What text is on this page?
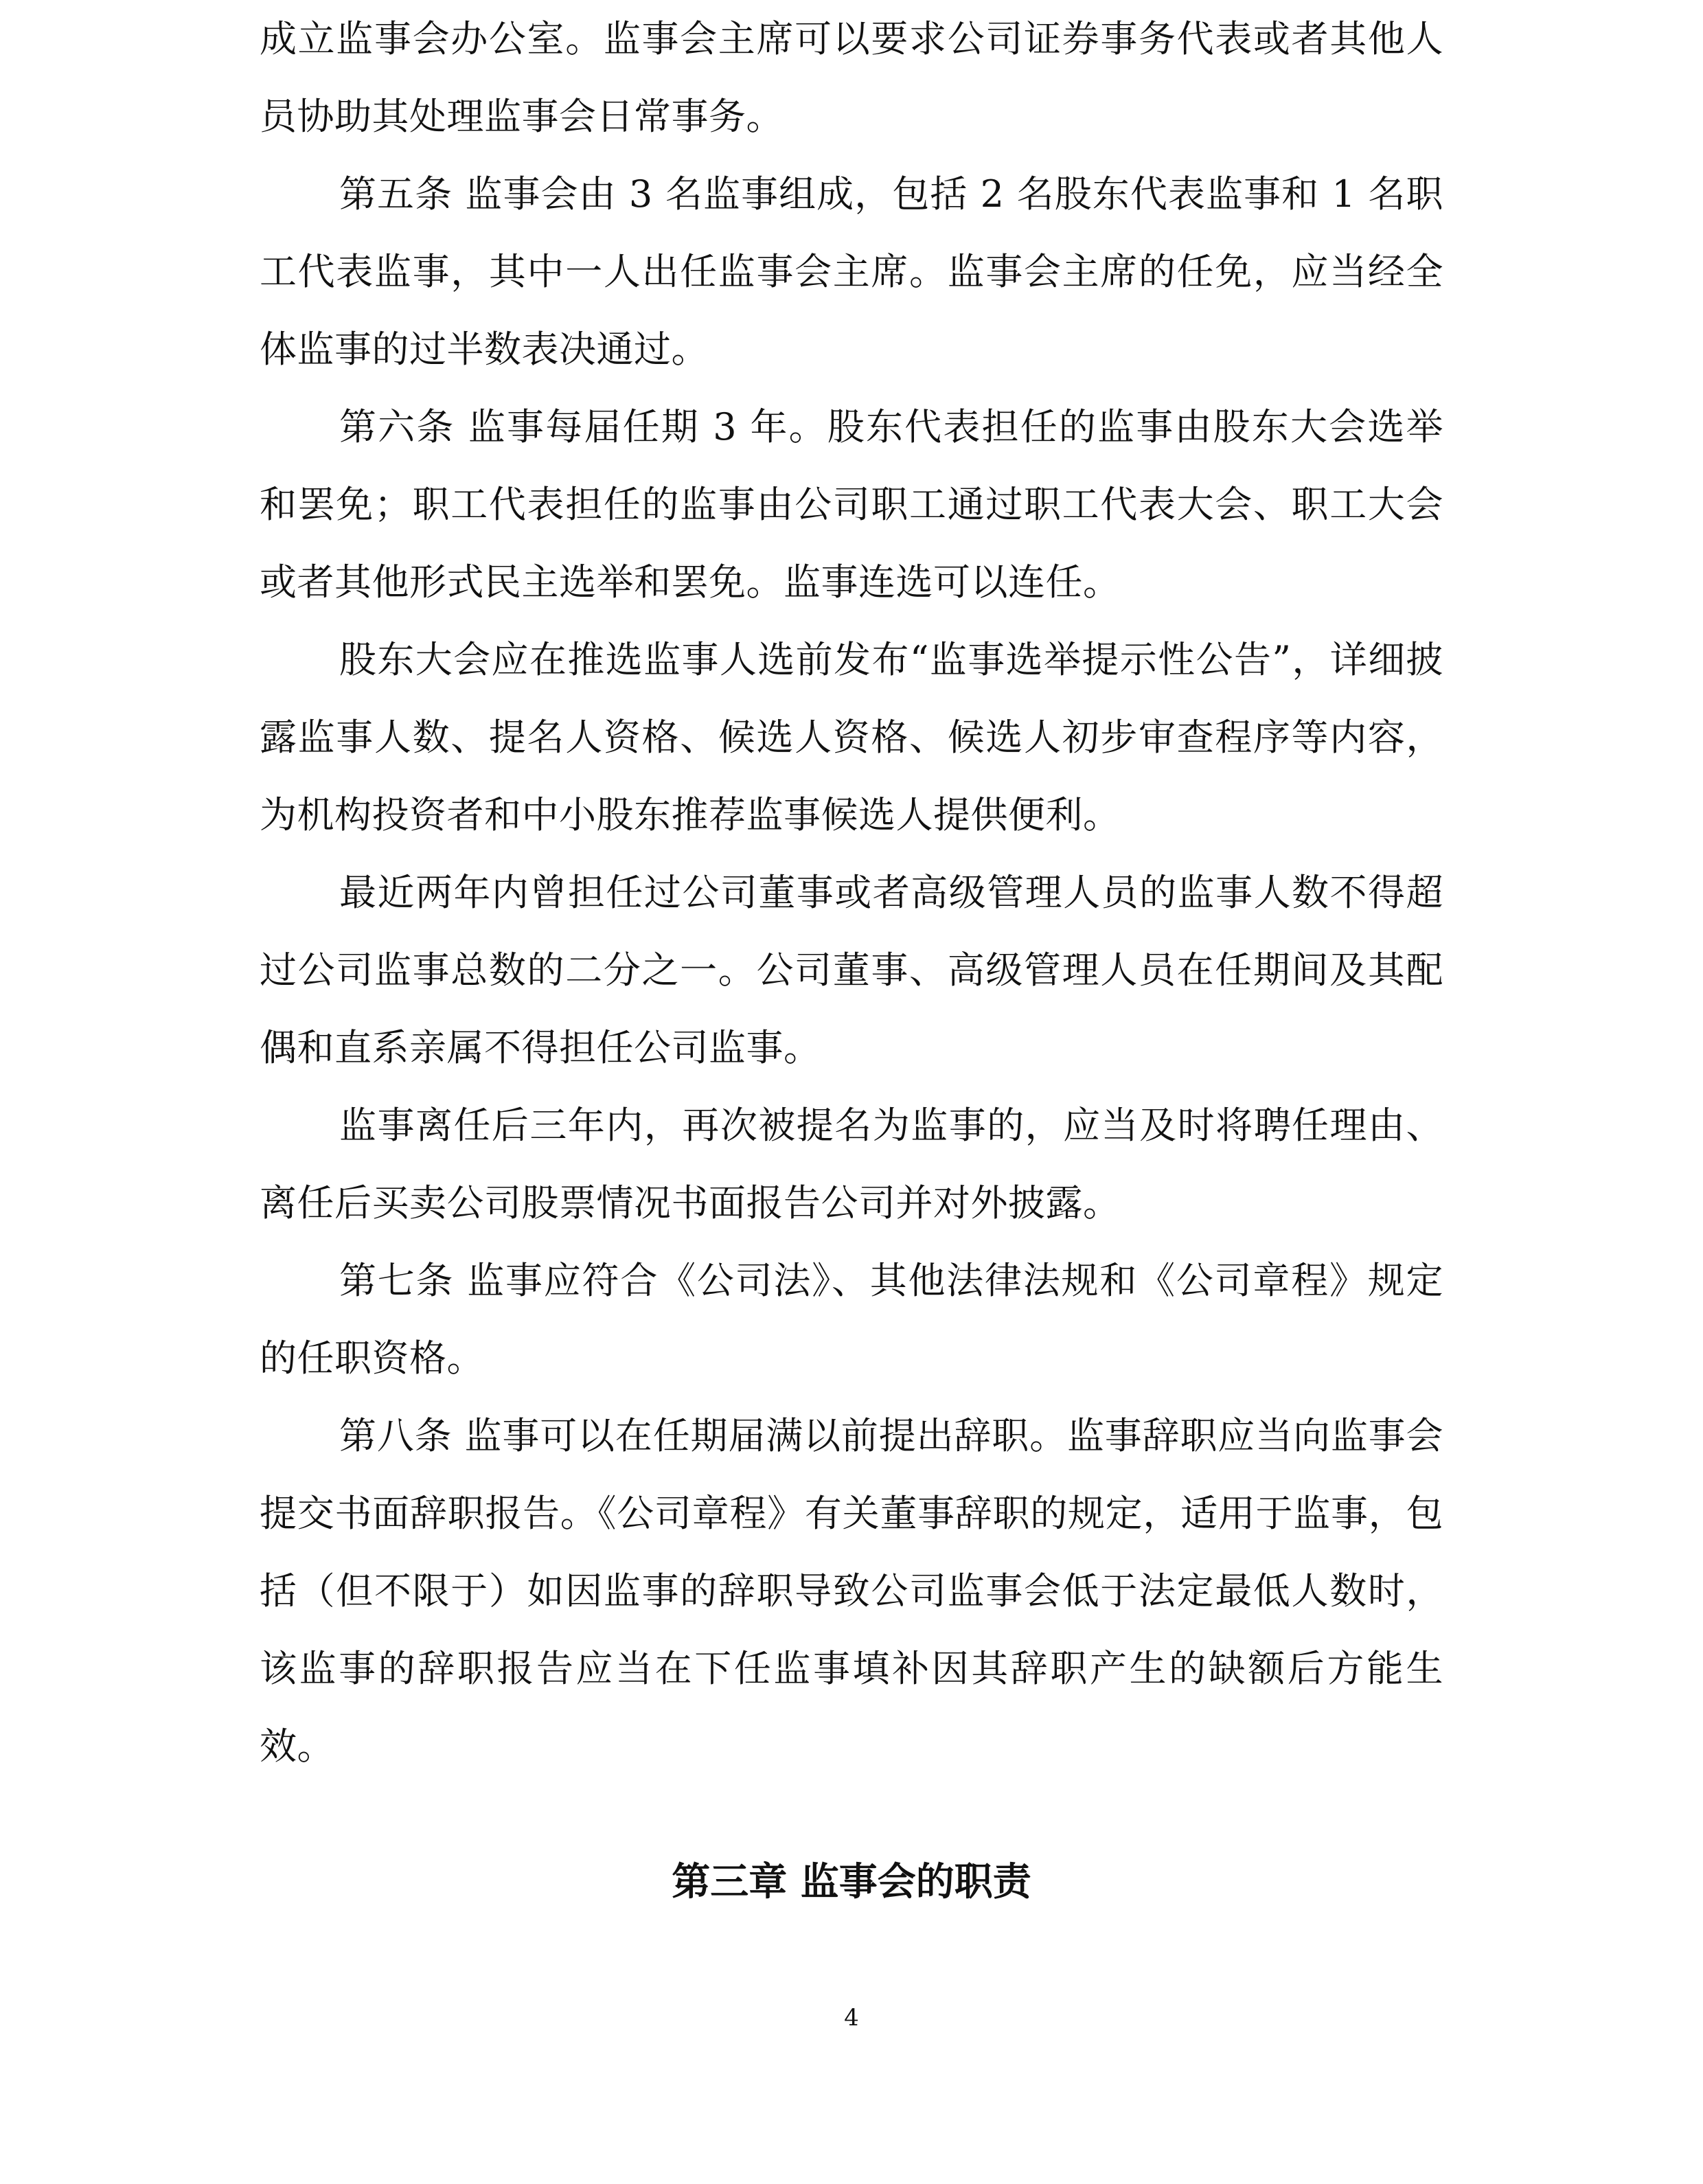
成立监事会办公室。监事会主席可以要求公司证券事务代表或者其他人员协助其处理监事会日常事务。

第五条 监事会由 3 名监事组成，包括 2 名股东代表监事和 1 名职工代表监事，其中一人出任监事会主席。监事会主席的任免，应当经全体监事的过半数表决通过。

第六条 监事每届任期 3 年。股东代表担任的监事由股东大会选举和罢免；职工代表担任的监事由公司职工通过职工代表大会、职工大会或者其他形式民主选举和罢免。监事连选可以连任。

股东大会应在推选监事人选前发布“监事选举提示性公告”，详细披露监事人数、提名人资格、候选人资格、候选人初步审查程序等内容，为机构投资者和中小股东推荐监事候选人提供便利。

最近两年内曾担任过公司董事或者高级管理人员的监事人数不得超过公司监事总数的二分之一。公司董事、高级管理人员在任期间及其配偶和直系亲属不得担任公司监事。

监事离任后三年内，再次被提名为监事的，应当及时将聘任理由、离任后买卖公司股票情况书面报告公司并对外披露。

第七条 监事应符合《公司法》、其他法律法规和《公司章程》规定的任职资格。

第八条 监事可以在任期届满以前提出辞职。监事辞职应当向监事会提交书面辞职报告。《公司章程》有关董事辞职的规定，适用于监事，包括（但不限于）如因监事的辞职导致公司监事会低于法定最低人数时，该监事的辞职报告应当在下任监事填补因其辞职产生的缺额后方能生效。

第三章 监事会的职责
4
